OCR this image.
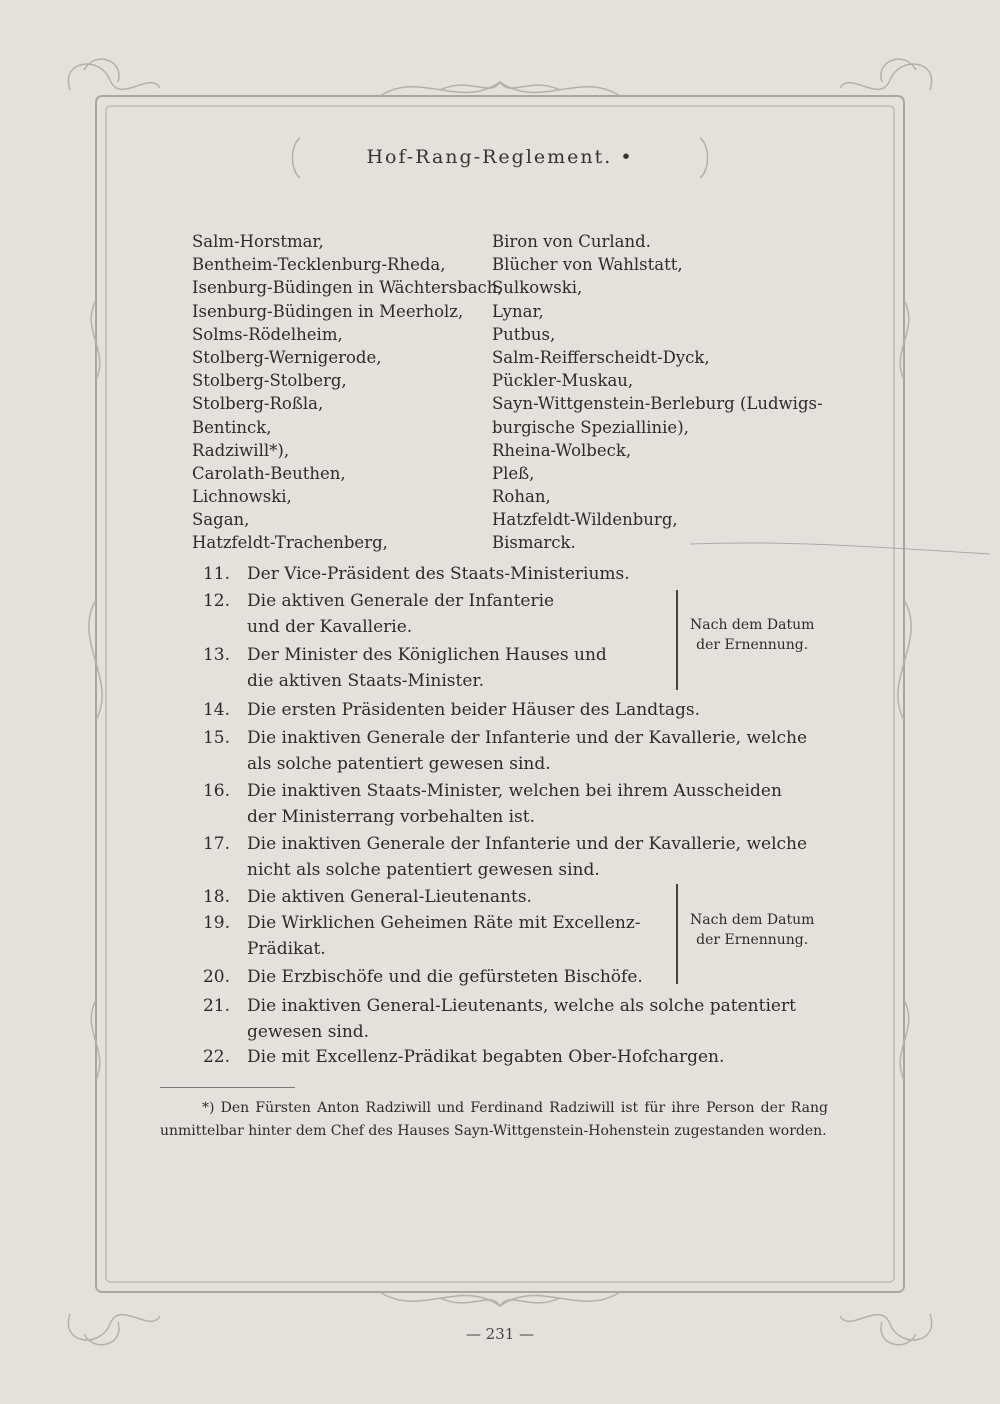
Hof-Rang-Reglement. •
Salm-Horstmar,
Bentheim-Tecklenburg-Rheda,
Isenburg-Büdingen in Wächtersbach,
Isenburg-Büdingen in Meerholz,
Solms-Rödelheim,
Stolberg-Wernigerode,
Stolberg-Stolberg,
Stolberg-Roßla,
Bentinck,
Radziwill*),
Carolath-Beuthen,
Lichnowski,
Sagan,
Hatzfeldt-Trachenberg,
Biron von Curland.
Blücher von Wahlstatt,
Sulkowski,
Lynar,
Putbus,
Salm-Reifferscheidt-Dyck,
Pückler-Muskau,
Sayn-Wittgenstein-Berleburg (Ludwigs-
burgische Speziallinie),
Rheina-Wolbeck,
Pleß,
Rohan,
Hatzfeldt-Wildenburg,
Bismarck.
11. Der Vice-Präsident des Staats-Ministeriums.
12. Die aktiven Generale der Infanterie
und der Kavallerie.
13. Der Minister des Königlichen Hauses und
die aktiven Staats-Minister.
14. Die ersten Präsidenten beider Häuser des Landtags.
15. Die inaktiven Generale der Infanterie und der Kavallerie, welche
als solche patentiert gewesen sind.
16. Die inaktiven Staats-Minister, welchen bei ihrem Ausscheiden
der Ministerrang vorbehalten ist.
17. Die inaktiven Generale der Infanterie und der Kavallerie, welche
nicht als solche patentiert gewesen sind.
18. Die aktiven General-Lieutenants.
19. Die Wirklichen Geheimen Räte mit Excellenz-
Prädikat.
20. Die Erzbischöfe und die gefürsteten Bischöfe.
21. Die inaktiven General-Lieutenants, welche als solche patentiert
gewesen sind.
22. Die mit Excellenz-Prädikat begabten Ober-Hofchargen.
Nach dem Datum
der Ernennung.
Nach dem Datum
der Ernennung.

*) Den Fürsten Anton Radziwill und Ferdinand Radziwill ist für ihre Person der Rang unmittelbar hinter dem Chef des Hauses Sayn-Wittgenstein-Hohenstein zugestanden worden.

— 231 —
